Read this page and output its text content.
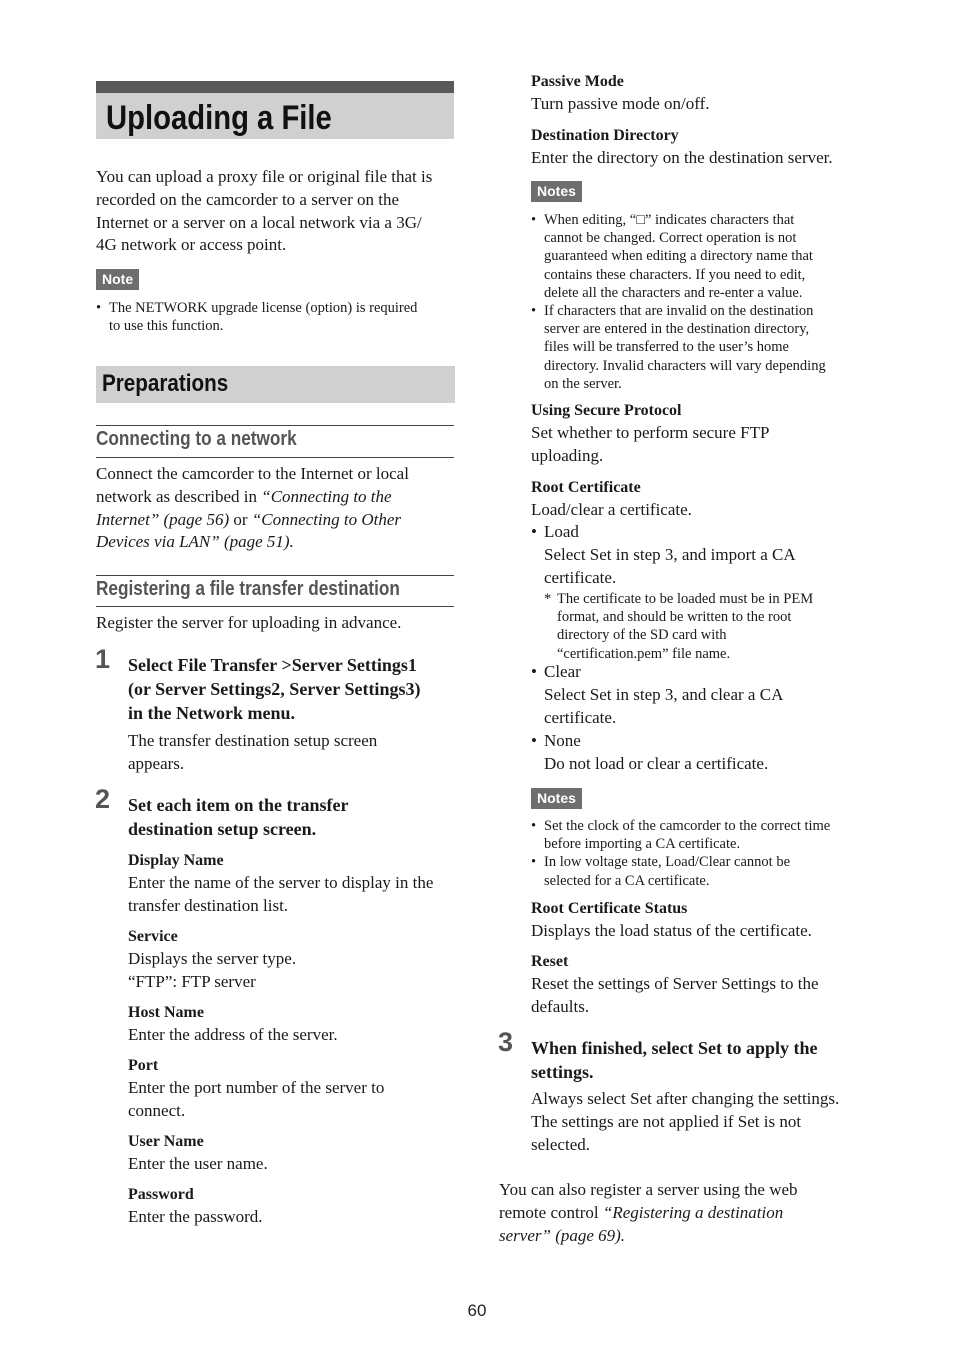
Uploading a File
You can upload a proxy file or original file that is
recorded on the camcorder to a server on the
Internet or a server on a local network via a 3G/
4G network or access point.
Note
• The NETWORK upgrade license (option) is required
to use this function.
Preparations
Connecting to a network
Connect the camcorder to the Internet or local
network as described in “Connecting to the
Internet” (page 56) or “Connecting to Other
Devices via LAN” (page 51).
Registering a file transfer destination
Register the server for uploading in advance.
1 Select File Transfer >Server Settings1
(or Server Settings2, Server Settings3)
in the Network menu.
The transfer destination setup screen
appears.
2 Set each item on the transfer
destination setup screen.
Display Name
Enter the name of the server to display in the
transfer destination list.
Service
Displays the server type.
“FTP”: FTP server
Host Name
Enter the address of the server.
Port
Enter the port number of the server to
connect.
User Name
Enter the user name.
Password
Enter the password.
Passive Mode
Turn passive mode on/off.
Destination Directory
Enter the directory on the destination server.
Notes
• When editing, “□” indicates characters that
cannot be changed. Correct operation is not
guaranteed when editing a directory name that
contains these characters. If you need to edit,
delete all the characters and re-enter a value.
• If characters that are invalid on the destination
server are entered in the destination directory,
files will be transferred to the user’s home
directory. Invalid characters will vary depending
on the server.
Using Secure Protocol
Set whether to perform secure FTP
uploading.
Root Certificate
Load/clear a certificate.
• Load
Select Set in step 3, and import a CA
certificate.
* The certificate to be loaded must be in PEM
format, and should be written to the root
directory of the SD card with
“certification.pem” file name.
• Clear
Select Set in step 3, and clear a CA
certificate.
• None
Do not load or clear a certificate.
Notes
• Set the clock of the camcorder to the correct time
before importing a CA certificate.
• In low voltage state, Load/Clear cannot be
selected for a CA certificate.
Root Certificate Status
Displays the load status of the certificate.
Reset
Reset the settings of Server Settings to the
defaults.
3 When finished, select Set to apply the
settings.
Always select Set after changing the settings.
The settings are not applied if Set is not
selected.
You can also register a server using the web
remote control “Registering a destination
server” (page 69).
60
